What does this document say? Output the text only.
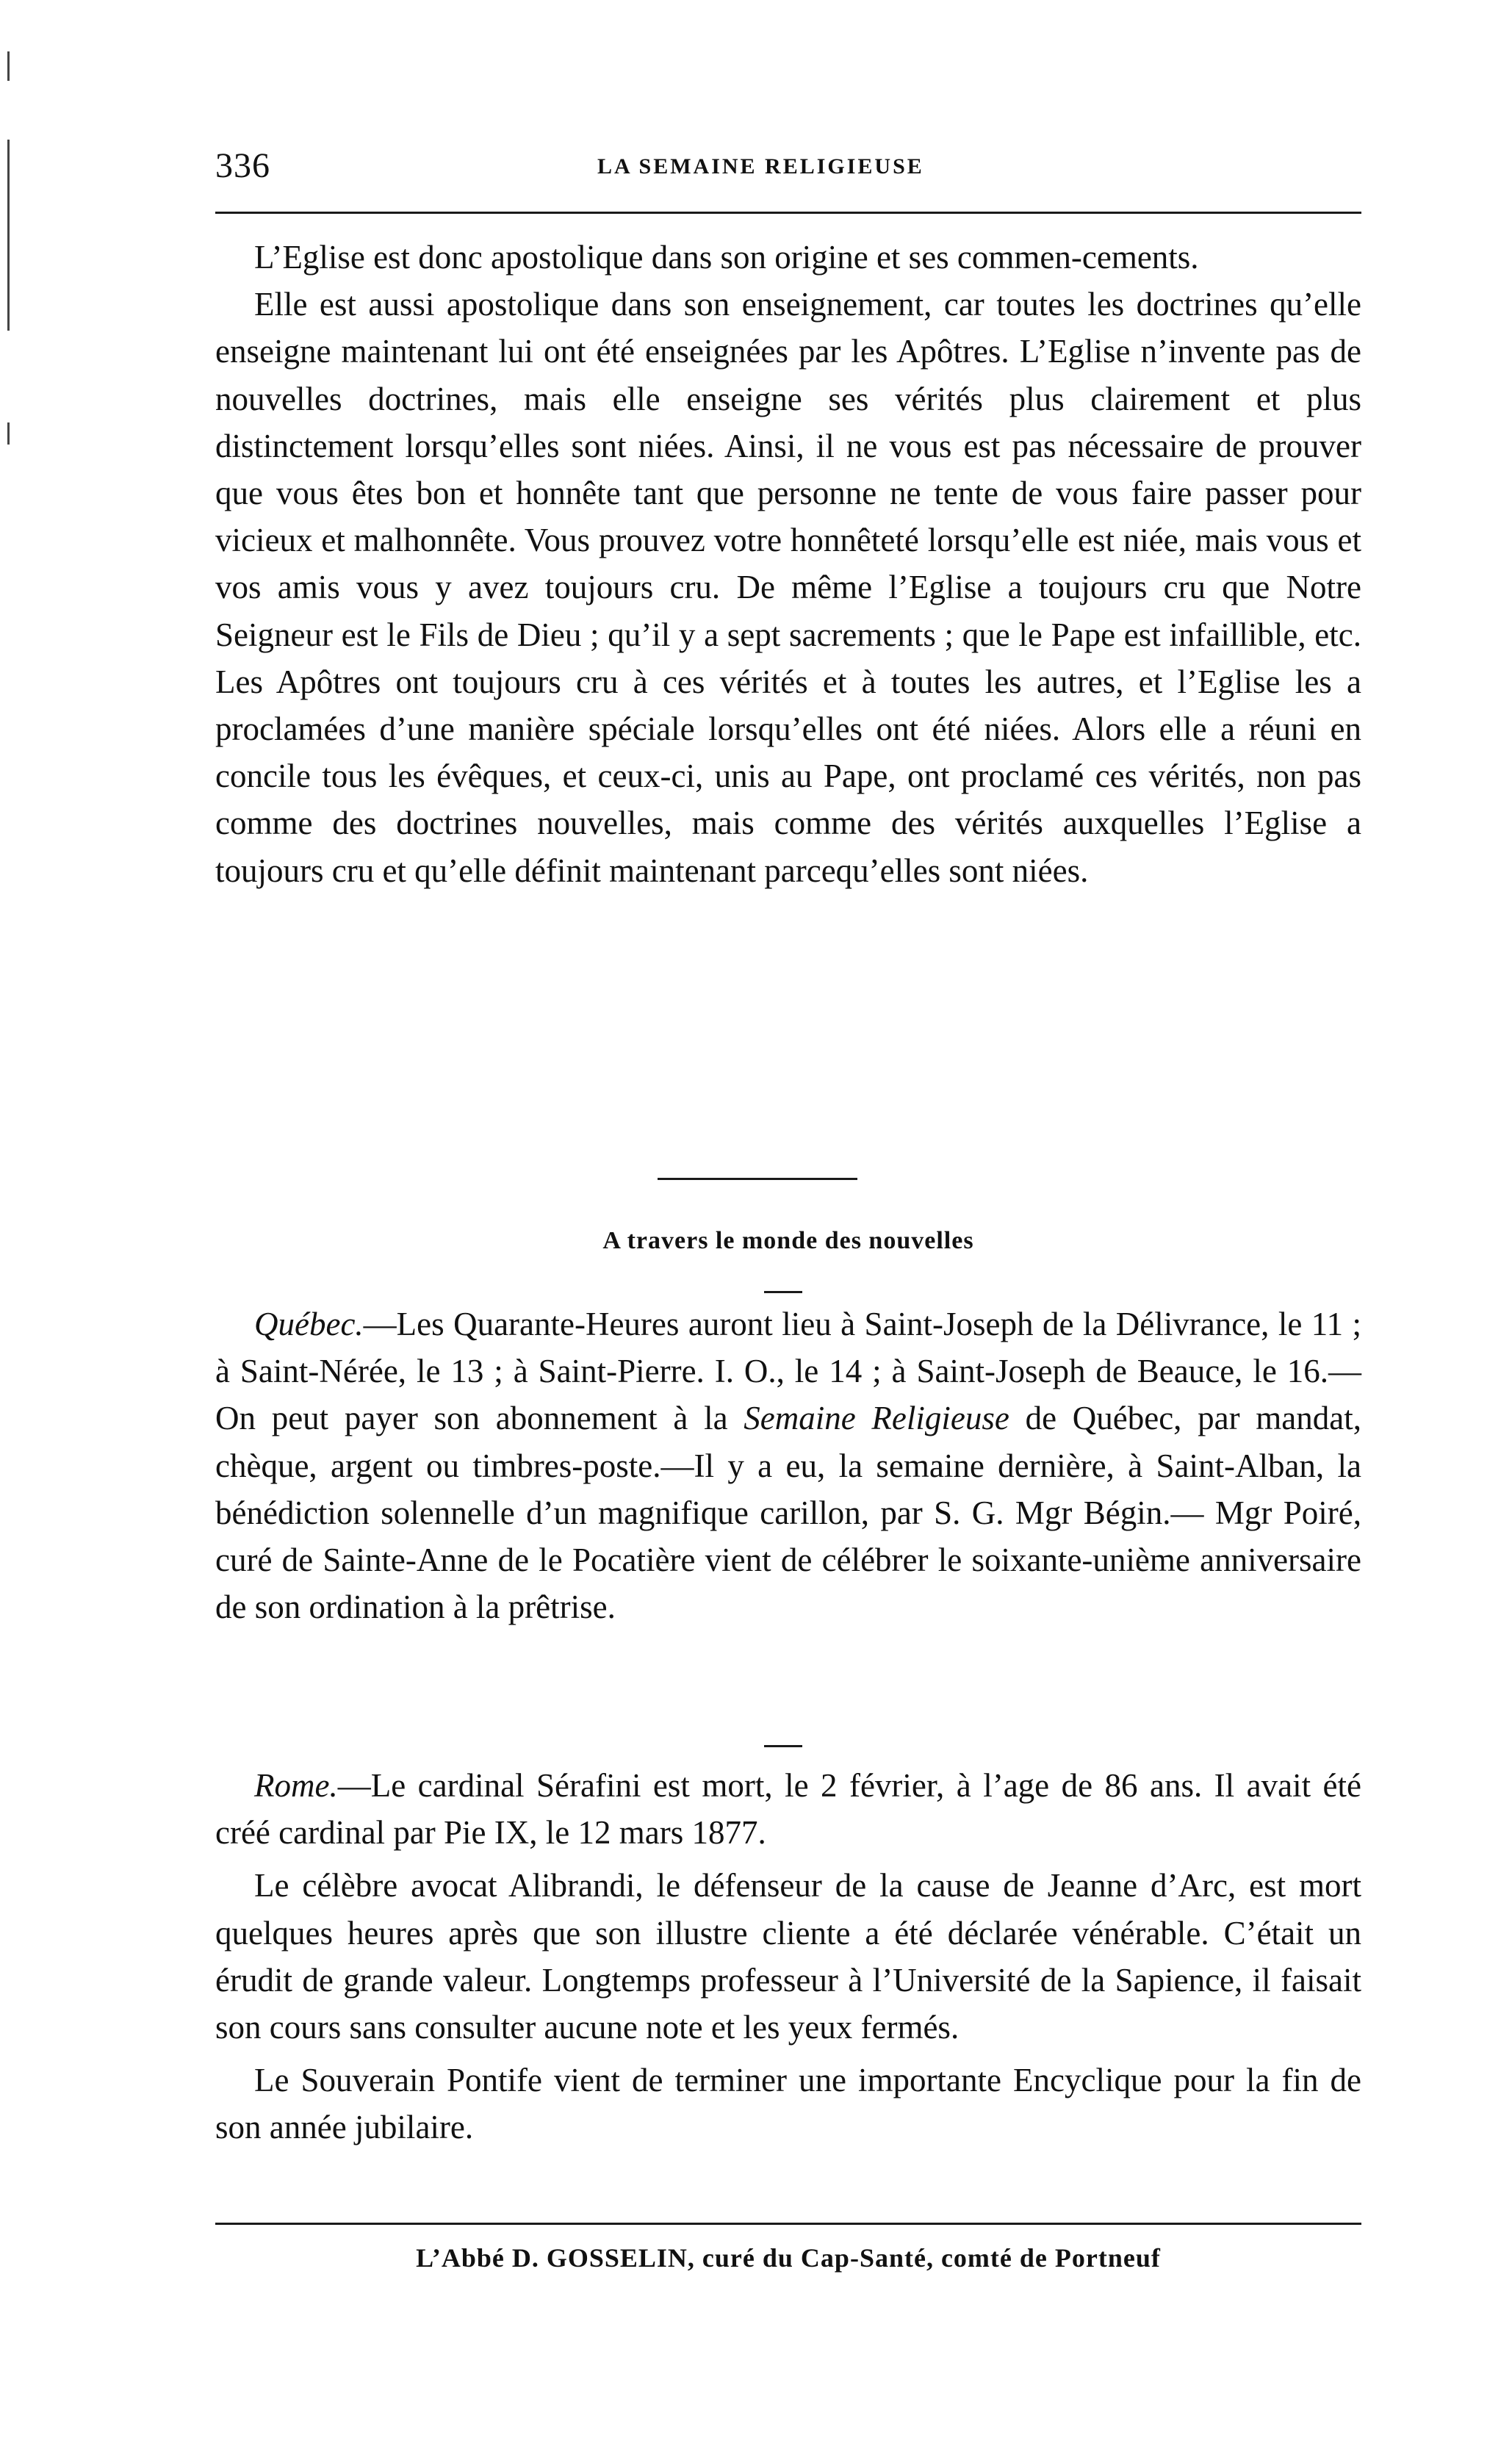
336	LA SEMAINE RELIGIEUSE

L’Eglise est donc apostolique dans son origine et ses commen-cements.

Elle est aussi apostolique dans son enseignement, car toutes les doctrines qu’elle enseigne maintenant lui ont été enseignées par les Apôtres. L’Eglise n’invente pas de nouvelles doctrines, mais elle enseigne ses vérités plus clairement et plus distinctement lorsqu’elles sont niées. Ainsi, il ne vous est pas nécessaire de prouver que vous êtes bon et honnête tant que personne ne tente de vous faire passer pour vicieux et malhonnête. Vous prouvez votre honnêteté lorsqu’elle est niée, mais vous et vos amis vous y avez toujours cru. De même l’Eglise a toujours cru que Notre Seigneur est le Fils de Dieu ; qu’il y a sept sacrements ; que le Pape est infaillible, etc. Les Apôtres ont toujours cru à ces vérités et à toutes les autres, et l’Eglise les a proclamées d’une manière spéciale lorsqu’elles ont été niées. Alors elle a réuni en concile tous les évêques, et ceux-ci, unis au Pape, ont proclamé ces vérités, non pas comme des doctrines nouvelles, mais comme des vérités auxquelles l’Eglise a toujours cru et qu’elle définit maintenant parcequ’elles sont niées.

A travers le monde des nouvelles

Québec.—Les Quarante-Heures auront lieu à Saint-Joseph de la Délivrance, le 11 ; à Saint-Nérée, le 13 ; à Saint-Pierre. I. O., le 14 ; à Saint-Joseph de Beauce, le 16.—On peut payer son abonnement à la Semaine Religieuse de Québec, par mandat, chèque, argent ou timbres-poste.—Il y a eu, la semaine dernière, à Saint-Alban, la bénédiction solennelle d’un magnifique carillon, par S. G. Mgr Bégin.— Mgr Poiré, curé de Sainte-Anne de le Pocatière vient de célébrer le soixante-unième anniversaire de son ordination à la prêtrise.

Rome.—Le cardinal Sérafini est mort, le 2 février, à l’age de 86 ans. Il avait été créé cardinal par Pie IX, le 12 mars 1877.

Le célèbre avocat Alibrandi, le défenseur de la cause de Jeanne d’Arc, est mort quelques heures après que son illustre cliente a été déclarée vénérable. C’était un érudit de grande valeur. Longtemps professeur à l’Université de la Sapience, il faisait son cours sans consulter aucune note et les yeux fermés.

Le Souverain Pontife vient de terminer une importante Encyclique pour la fin de son année jubilaire.

L’Abbé D. GOSSELIN, curé du Cap-Santé, comté de Portneuf
